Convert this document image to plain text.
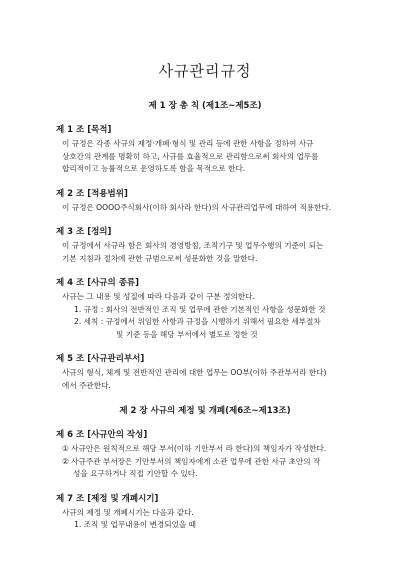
사규관리규정
제 1 장 총 칙 (제1조~제5조)
제 1 조 [목적]

이 규정은 각종 사규의 제정·개폐·형식 및 관리 등에 관한 사항을 정하여 사규

상호간의 관계를 명확히 하고, 사규를 효율적으로 관리함으로써 회사의 업무를

합리적이고 능률적으로 운영하도록 함을 목적으로 한다.

제 2 조 [적용범위]

이 규정은 OOOO주식회사(이하 회사라 한다)의 사규관리업무에 대하여 적용한다.

제 3 조 [정의]

이 규정에서 사규라 함은 회사의 경영방침, 조직기구 및 업무수행의 기준이 되는

기본 지침과 절차에 관한 규범으로써 성문화한 것을 말한다.

제 4 조 [사규의 종류]

사규는 그 내용 및 성질에 따라 다음과 같이 구분 정의한다.

1. 규정 : 회사의 전반적인 조직 및 업무에 관한 기본적인 사항을 성문화한 것

2. 세칙 : 규정에서 위임한 사항과 규정을 시행하기 위해서 필요한 세부절차

및 기준 등을 해당 부서에서 별도로 정한 것

제 5 조 [사규관리부서]

사규의 형식, 체계 및 전반적인 관리에 대한 업무는 OO부(이하 주관부서라 한다)

에서 주관한다.

제 2 장 사규의 제정 및 개폐(제6조~제13조)
제 6 조 [사규안의 작성]

① 사규안은 원칙적으로 해당 부서(이하 기안부서 라 한다)의 책임자가 작성한다.

② 사규주관 부서장은 기안부서의 책임자에게 소관 업무에 관한 사규 초안의 작

성을 요구하거나 직접 기안할 수 있다.

제 7 조 [제정 및 개폐시기]

사규의 제정 및 개폐시기는 다음과 같다.

1. 조직 및 업무내용이 변경되었을 때
